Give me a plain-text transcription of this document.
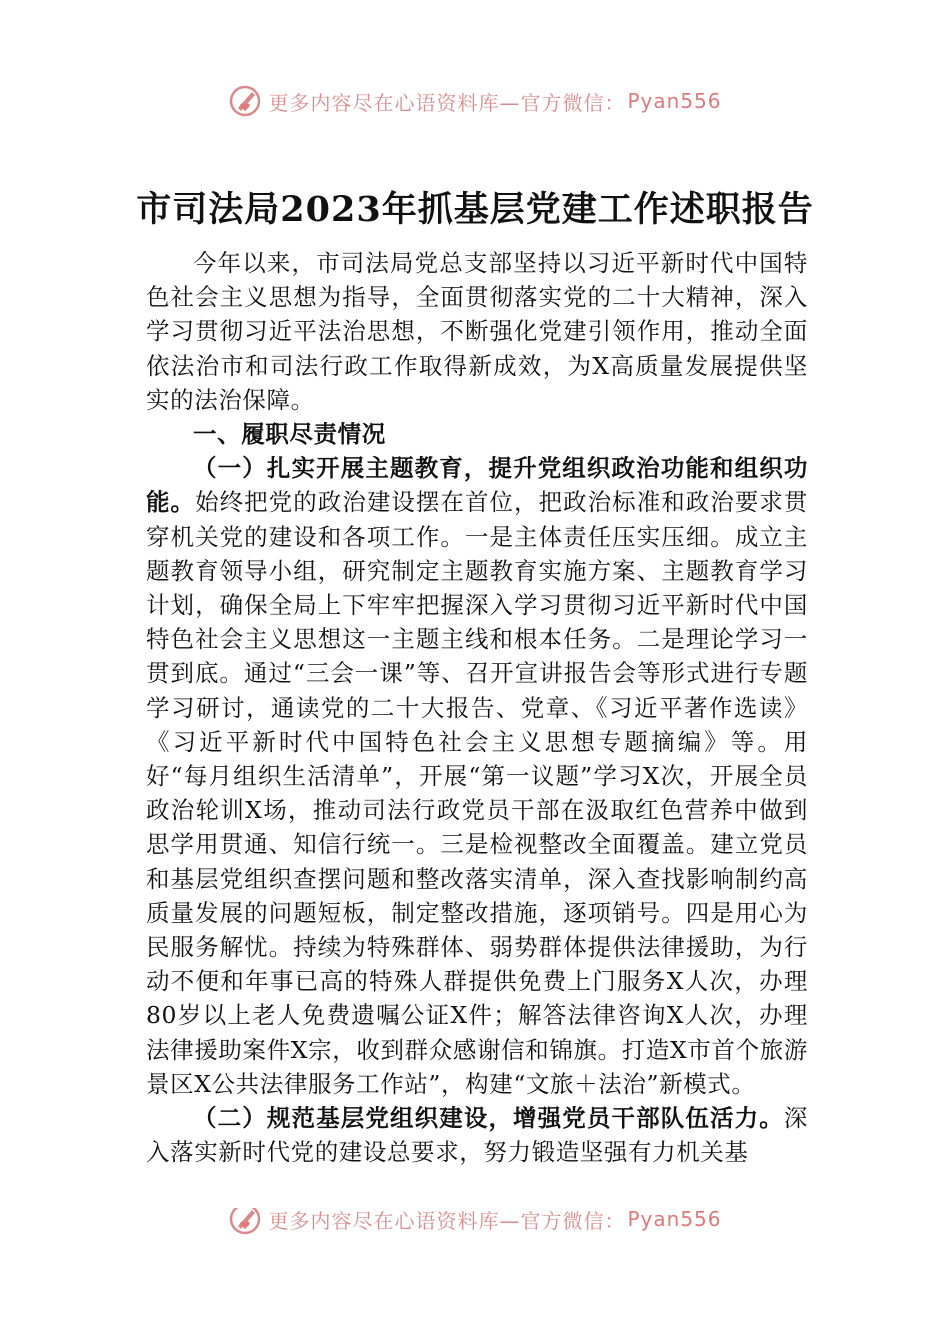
更多内容尽在心语资料库—官方微信： Pyan556
市司法局2023年抓基层党建工作述职报告

今年以来，市司法局党总支部坚持以习近平新时代中国特色社会主义思想为指导，全面贯彻落实党的二十大精神，深入学习贯彻习近平法治思想，不断强化党建引领作用，推动全面依法治市和司法行政工作取得新成效，为X高质量发展提供坚实的法治保障。

一、履职尽责情况

（一）扎实开展主题教育，提升党组织政治功能和组织功能。始终把党的政治建设摆在首位，把政治标准和政治要求贯穿机关党的建设和各项工作。一是主体责任压实压细。成立主题教育领导小组，研究制定主题教育实施方案、主题教育学习计划，确保全局上下牢牢把握深入学习贯彻习近平新时代中国特色社会主义思想这一主题主线和根本任务。二是理论学习一贯到底。通过“三会一课”等、召开宣讲报告会等形式进行专题学习研讨，通读党的二十大报告、党章、《习近平著作选读》《习近平新时代中国特色社会主义思想专题摘编》等。用好“每月组织生活清单”，开展“第一议题”学习X次，开展全员政治轮训X场，推动司法行政党员干部在汲取红色营养中做到思学用贯通、知信行统一。三是检视整改全面覆盖。建立党员和基层党组织查摆问题和整改落实清单，深入查找影响制约高质量发展的问题短板，制定整改措施，逐项销号。四是用心为民服务解忧。持续为特殊群体、弱势群体提供法律援助，为行动不便和年事已高的特殊人群提供免费上门服务X人次，办理80岁以上老人免费遗嘱公证X件；解答法律咨询X人次，办理法律援助案件X宗，收到群众感谢信和锦旗。打造X市首个旅游景区X公共法律服务工作站”，构建“文旅＋法治”新模式。

（二）规范基层党组织建设，增强党员干部队伍活力。深入落实新时代党的建设总要求，努力锻造坚强有力机关基

更多内容尽在心语资料库—官方微信： Pyan556
